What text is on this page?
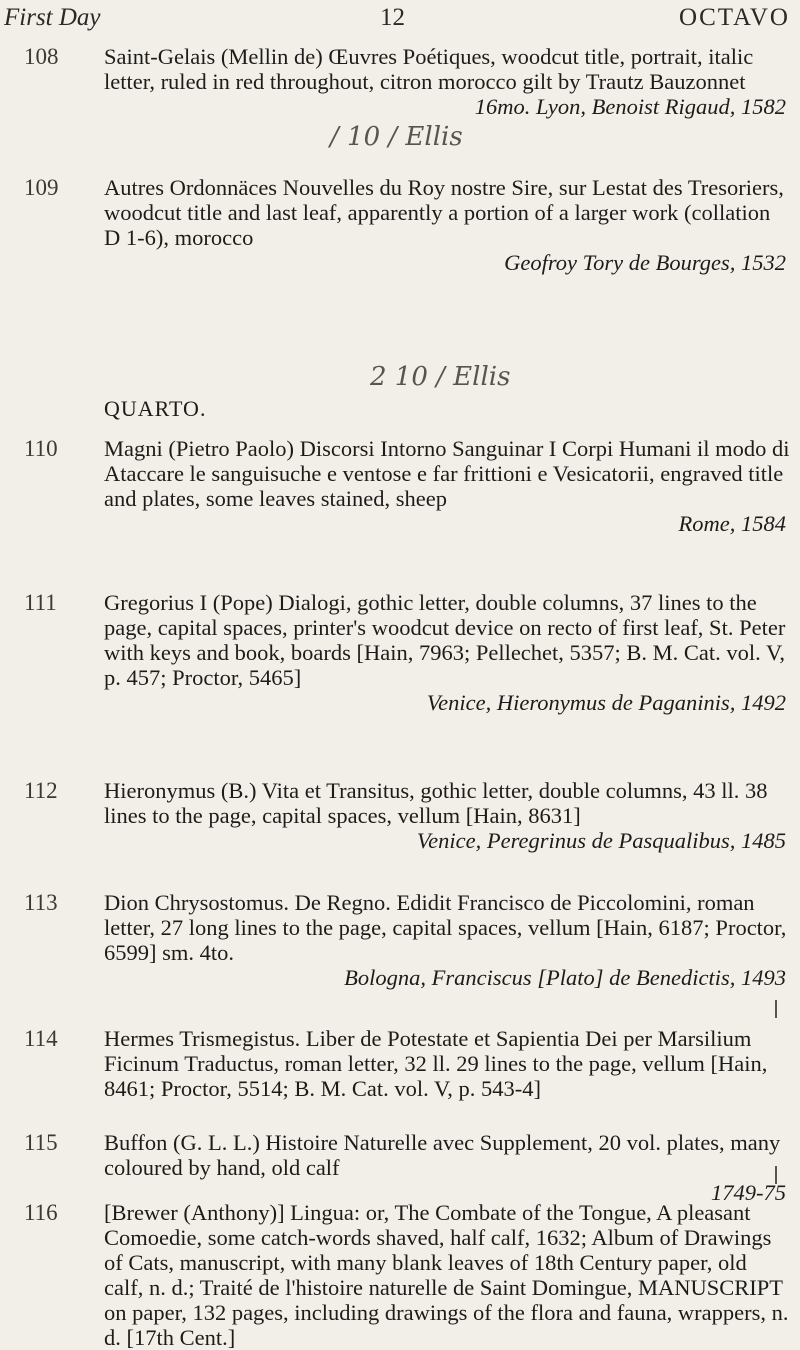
First Day	12	OCTAVO
108	Saint-Gelais (Mellin de) Œuvres Poétiques, woodcut title, portrait, italic letter, ruled in red throughout, citron morocco gilt by Trautz Bauzonnet
16mo. Lyon, Benoist Rigaud, 1582
/ 10 / Ellis
109	Autres Ordonnäces Nouvelles du Roy nostre Sire, sur Lestat des Tresoriers, woodcut title and last leaf, apparently a portion of a larger work (collation D 1-6), morocco
Geofroy Tory de Bourges, 1532
2 10 / Ellis
QUARTO.
110	Magni (Pietro Paolo) Discorsi Intorno Sanguinar I Corpi Humani il modo di Ataccare le sanguisuche e ventose e far frittioni e Vesicatorii, engraved title and plates, some leaves stained, sheep
Rome, 1584
111	Gregorius I (Pope) Dialogi, gothic letter, double columns, 37 lines to the page, capital spaces, printer's woodcut device on recto of first leaf, St. Peter with keys and book, boards [Hain, 7963; Pellechet, 5357; B. M. Cat. vol. V, p. 457; Proctor, 5465]
Venice, Hieronymus de Paganinis, 1492
112	Hieronymus (B.) Vita et Transitus, gothic letter, double columns, 43 ll. 38 lines to the page, capital spaces, vellum [Hain, 8631]
Venice, Peregrinus de Pasqualibus, 1485
113	Dion Chrysostomus. De Regno. Edidit Francisco de Piccolomini, roman letter, 27 long lines to the page, capital spaces, vellum [Hain, 6187; Proctor, 6599] sm. 4to.
Bologna, Franciscus [Plato] de Benedictis, 1493
114	Hermes Trismegistus. Liber de Potestate et Sapientia Dei per Marsilium Ficinum Traductus, roman letter, 32 ll. 29 lines to the page, vellum [Hain, 8461; Proctor, 5514; B. M. Cat. vol. V, p. 543-4]
115	Buffon (G. L. L.) Histoire Naturelle avec Supplement, 20 vol. plates, many coloured by hand, old calf
1749-75
116	[Brewer (Anthony)] Lingua: or, The Combate of the Tongue, A pleasant Comoedie, some catch-words shaved, half calf, 1632; Album of Drawings of Cats, manuscript, with many blank leaves of 18th Century paper, old calf, n. d.; Traité de l'histoire naturelle de Saint Domingue, MANUSCRIPT on paper, 132 pages, including drawings of the flora and fauna, wrappers, n. d. [17th Cent.]
